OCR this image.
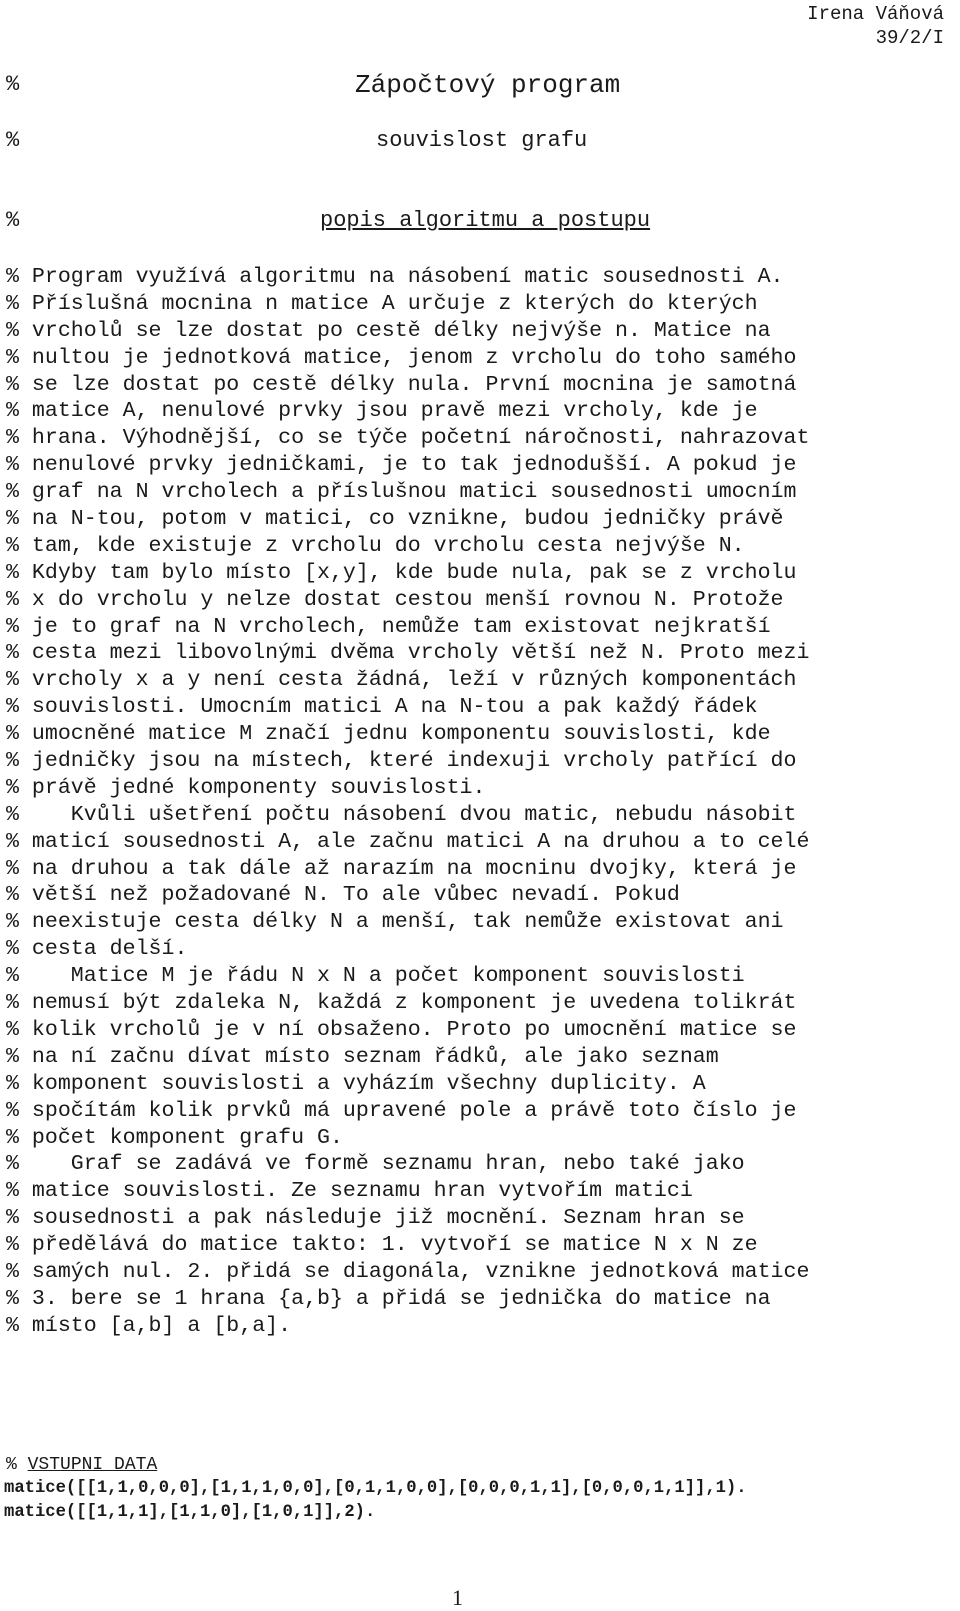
Irena Váňová
39/2/I
%	Zápočtový program
%	souvislost grafu
%	popis algoritmu a postupu
% Program využívá algoritmu na násobení matic sousednosti A.
% Příslušná mocnina n matice A určuje z kterých do kterých
% vrcholů se lze dostat po cestě délky nejvýše n. Matice na
% nultou je jednotková matice, jenom z vrcholu do toho samého
% se lze dostat po cestě délky nula. První mocnina je samotná
% matice A, nenulové prvky jsou pravě mezi vrcholy, kde je
% hrana. Výhodnější, co se týče početní náročnosti, nahrazovat
% nenulové prvky jedničkami, je to tak jednodušší. A pokud je
% graf na N vrcholech a příslušnou matici sousednosti umocním
% na N-tou, potom v matici, co vznikne, budou jedničky právě
% tam, kde existuje z vrcholu do vrcholu cesta nejvýše N.
% Kdyby tam bylo místo [x,y], kde bude nula, pak se z vrcholu
% x do vrcholu y nelze dostat cestou menší rovnou N. Protože
% je to graf na N vrcholech, nemůže tam existovat nejkratší
% cesta mezi libovolnými dvěma vrcholy větší než N. Proto mezi
% vrcholy x a y není cesta žádná, leží v různých komponentách
% souvislosti. Umocním matici A na N-tou a pak každý řádek
% umocněné matice M značí jednu komponentu souvislosti, kde
% jedničky jsou na místech, které indexuji vrcholy patřící do
% právě jedné komponenty souvislosti.
%    Kvůli ušetření počtu násobení dvou matic, nebudu násobit
% maticí sousednosti A, ale začnu matici A na druhou a to celé
% na druhou a tak dále až narazím na mocninu dvojky, která je
% větší než požadované N. To ale vůbec nevadí. Pokud
% neexistuje cesta délky N a menší, tak nemůže existovat ani
% cesta delší.
%    Matice M je řádu N x N a počet komponent souvislosti
% nemusí být zdaleka N, každá z komponent je uvedena tolikrát
% kolik vrcholů je v ní obsaženo. Proto po umocnění matice se
% na ní začnu dívat místo seznam řádků, ale jako seznam
% komponent souvislosti a vyházím všechny duplicity. A
% spočítám kolik prvků má upravené pole a právě toto číslo je
% počet komponent grafu G.
%    Graf se zadává ve formě seznamu hran, nebo také jako
% matice souvislosti. Ze seznamu hran vytvořím matici
% sousednosti a pak následuje již mocnění. Seznam hran se
% předělává do matice takto: 1. vytvoří se matice N x N ze
% samých nul. 2. přidá se diagonála, vznikne jednotková matice
% 3. bere se 1 hrana {a,b} a přidá se jednička do matice na
% místo [a,b] a [b,a].
% VSTUPNI DATA
matice([[1,1,0,0,0],[1,1,1,0,0],[0,1,1,0,0],[0,0,0,1,1],[0,0,0,1,1]],1).
matice([[1,1,1],[1,1,0],[1,0,1]],2).
1
